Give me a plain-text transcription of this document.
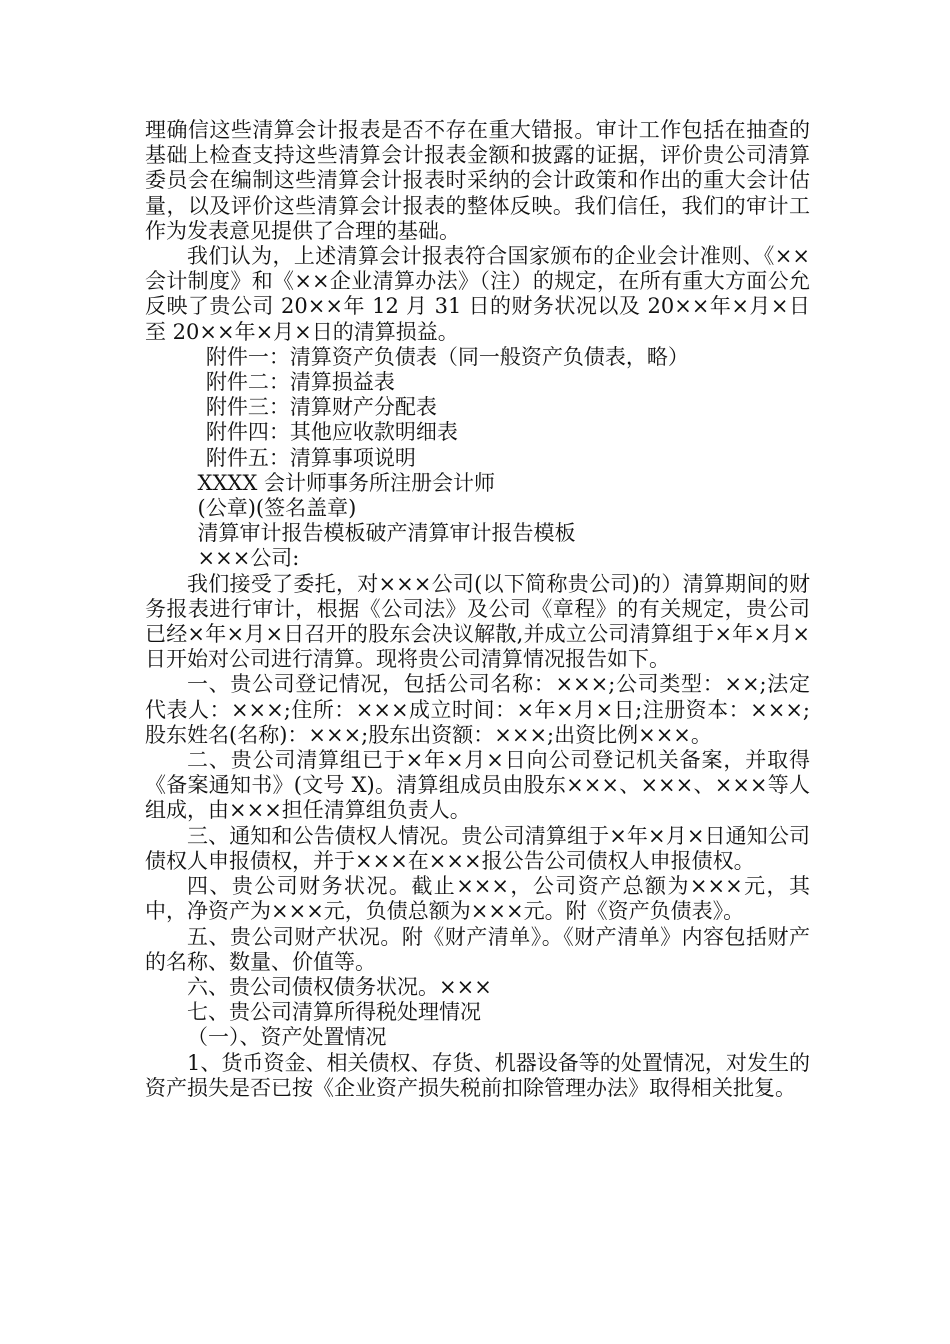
理确信这些清算会计报表是否不存在重大错报。审计工作包括在抽查的基础上检查支持这些清算会计报表金额和披露的证据，评价贵公司清算委员会在编制这些清算会计报表时采纳的会计政策和作出的重大会计估量，以及评价这些清算会计报表的整体反映。我们信任，我们的审计工作为发表意见提供了合理的基础。

我们认为，上述清算会计报表符合国家颁布的企业会计准则、《××会计制度》和《××企业清算办法》（注）的规定，在所有重大方面公允反映了贵公司 20××年 12 月 31 日的财务状况以及 20××年×月×日至 20××年×月×日的清算损益。

附件一：清算资产负债表（同一般资产负债表，略）

附件二：清算损益表

附件三：清算财产分配表

附件四：其他应收款明细表

附件五：清算事项说明

XXXX 会计师事务所注册会计师

(公章)(签名盖章)

清算审计报告模板破产清算审计报告模板

×××公司:

我们接受了委托，对×××公司(以下简称贵公司)的）清算期间的财务报表进行审计，根据《公司法》及公司《章程》的有关规定，贵公司已经×年×月×日召开的股东会决议解散,并成立公司清算组于×年×月×日开始对公司进行清算。现将贵公司清算情况报告如下。

一、贵公司登记情况，包括公司名称：×××;公司类型：××;法定代表人：×××;住所：×××成立时间：×年×月×日;注册资本：×××;股东姓名(名称)：×××;股东出资额：×××;出资比例×××。

二、贵公司清算组已于×年×月×日向公司登记机关备案，并取得《备案通知书》(文号 X)。清算组成员由股东×××、×××、×××等人组成，由×××担任清算组负责人。

三、通知和公告债权人情况。贵公司清算组于×年×月×日通知公司债权人申报债权，并于×××在×××报公告公司债权人申报债权。

四、贵公司财务状况。截止×××，公司资产总额为×××元，其中，净资产为×××元，负债总额为×××元。附《资产负债表》。

五、贵公司财产状况。附《财产清单》。《财产清单》内容包括财产的名称、数量、价值等。

六、贵公司债权债务状况。×××

七、贵公司清算所得税处理情况

（一）、资产处置情况

1、货币资金、相关债权、存货、机器设备等的处置情况，对发生的资产损失是否已按《企业资产损失税前扣除管理办法》取得相关批复。
